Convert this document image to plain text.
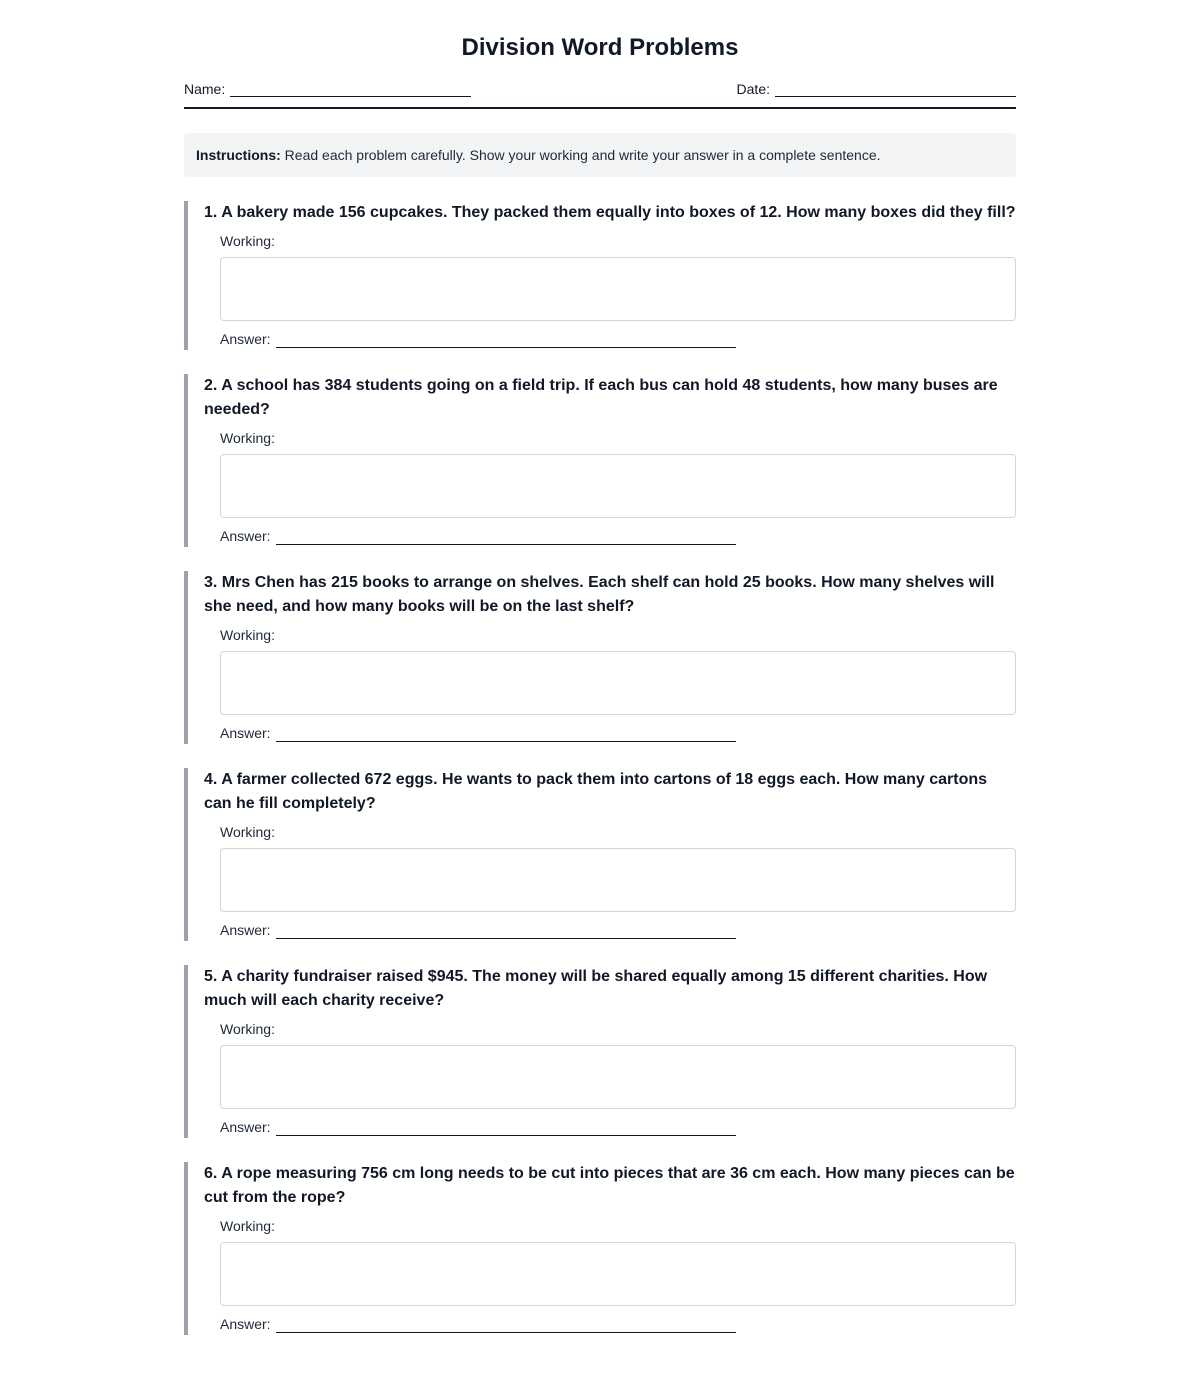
Division Word Problems
Name:	Date:
Instructions: Read each problem carefully. Show your working and write your answer in a complete sentence.

1. A bakery made 156 cupcakes. They packed them equally into boxes of 12. How many boxes did they fill?

Working:
Answer:

2. A school has 384 students going on a field trip. If each bus can hold 48 students, how many buses are needed?

Working:
Answer:

3. Mrs Chen has 215 books to arrange on shelves. Each shelf can hold 25 books. How many shelves will she need, and how many books will be on the last shelf?

Working:
Answer:

4. A farmer collected 672 eggs. He wants to pack them into cartons of 18 eggs each. How many cartons can he fill completely?

Working:
Answer:

5. A charity fundraiser raised $945. The money will be shared equally among 15 different charities. How much will each charity receive?

Working:
Answer:

6. A rope measuring 756 cm long needs to be cut into pieces that are 36 cm each. How many pieces can be cut from the rope?

Working:
Answer:
